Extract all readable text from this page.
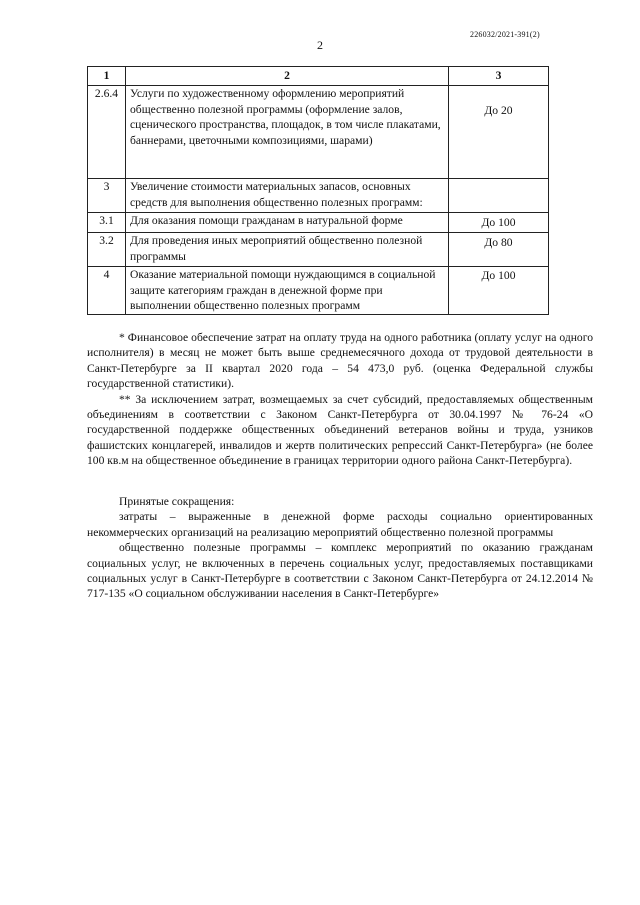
226032/2021-391(2)
2
1	2	3
2.6.4	Услуги по художественному оформлению мероприятий общественно полезной программы (оформление залов, сценического пространства, площадок, в том числе плакатами, баннерами, цветочными композициями, шарами)	До 20
3	Увеличение стоимости материальных запасов, основных средств для выполнения общественно полезных программ:	
3.1	Для оказания помощи гражданам в натуральной форме	До 100
3.2	Для проведения иных мероприятий общественно полезной программы	До 80
4	Оказание материальной помощи нуждающимся в социальной защите категориям граждан в денежной форме при выполнении общественно полезных программ	До 100

* Финансовое обеспечение затрат на оплату труда на одного работника (оплату услуг на одного исполнителя) в месяц не может быть выше среднемесячного дохода от трудовой деятельности в Санкт-Петербурге за II квартал 2020 года – 54 473,0 руб. (оценка Федеральной службы государственной статистики).

** За исключением затрат, возмещаемых за счет субсидий, предоставляемых общественным объединениям в соответствии с Законом Санкт-Петербурга от 30.04.1997 № 76-24 «О государственной поддержке общественных объединений ветеранов войны и труда, узников фашистских концлагерей, инвалидов и жертв политических репрессий Санкт-Петербурга» (не более 100 кв.м на общественное объединение в границах территории одного района Санкт-Петербурга).

Принятые сокращения:

затраты – выраженные в денежной форме расходы социально ориентированных некоммерческих организаций на реализацию мероприятий общественно полезной программы

общественно полезные программы – комплекс мероприятий по оказанию гражданам социальных услуг, не включенных в перечень социальных услуг, предоставляемых поставщиками социальных услуг в Санкт-Петербурге в соответствии с Законом Санкт-Петербурга от 24.12.2014 № 717-135 «О социальном обслуживании населения в Санкт-Петербурге»
